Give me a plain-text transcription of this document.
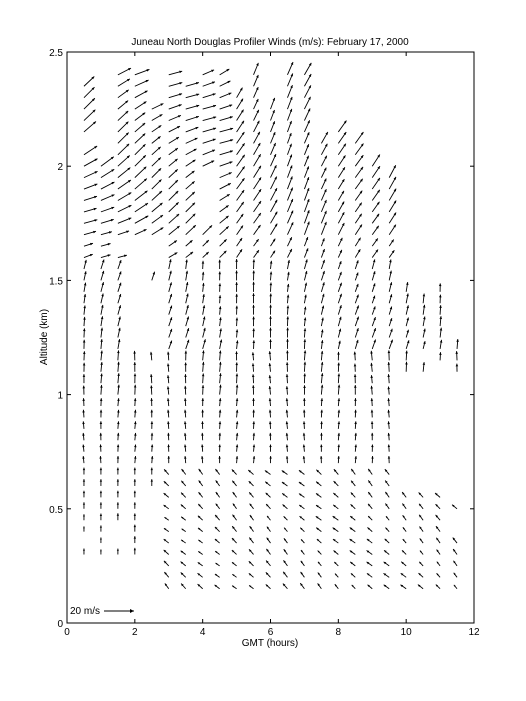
Juneau North Douglas Profiler Winds (m/s): February 17, 2000
0	2	4	6	8	10	12
0
0.5
1
1.5
2
2.5
GMT (hours)
Altitude (km)
20 m/s
